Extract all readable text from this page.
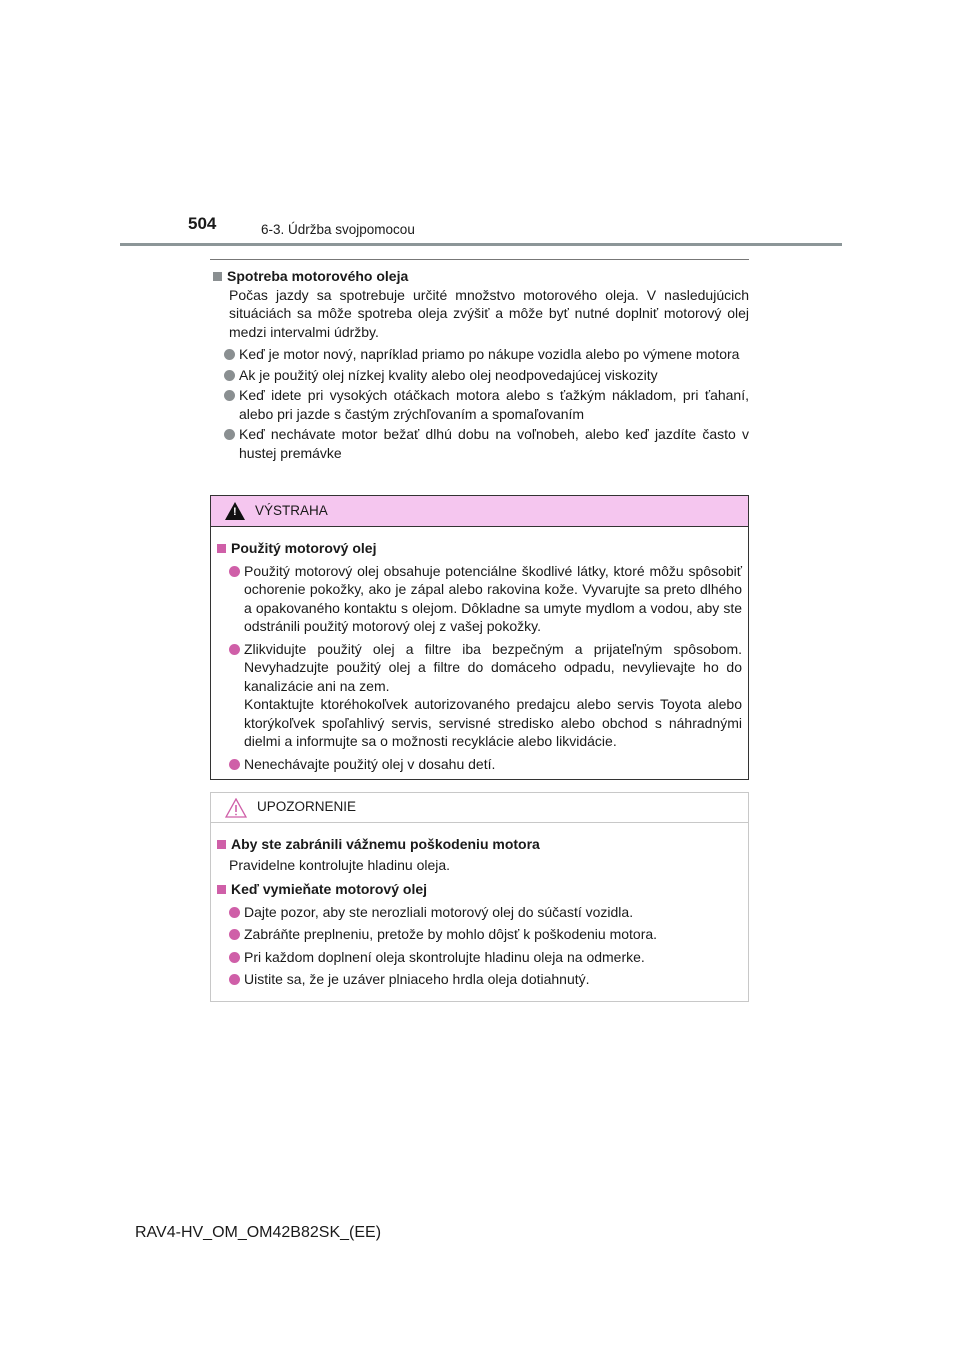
504	6-3. Údržba svojpomocou
Spotreba motorového oleja
Počas jazdy sa spotrebuje určité množstvo motorového oleja. V nasledujúcich situáciách sa môže spotreba oleja zvýšiť a môže byť nutné doplniť motorový olej medzi intervalmi údržby.
Keď je motor nový, napríklad priamo po nákupe vozidla alebo po výmene motora
Ak je použitý olej nízkej kvality alebo olej neodpovedajúcej viskozity
Keď idete pri vysokých otáčkach motora alebo s ťažkým nákladom, pri ťahaní, alebo pri jazde s častým zrýchľovaním a spomaľovaním
Keď nechávate motor bežať dlhú dobu na voľnobeh, alebo keď jazdíte často v hustej premávke
! VÝSTRAHA
Použitý motorový olej
Použitý motorový olej obsahuje potenciálne škodlivé látky, ktoré môžu spôsobiť ochorenie pokožky, ako je zápal alebo rakovina kože. Vyvarujte sa preto dlhého a opakovaného kontaktu s olejom. Dôkladne sa umyte mydlom a vodou, aby ste odstránili použitý motorový olej z vašej pokožky.
Zlikvidujte použitý olej a filtre iba bezpečným a prijateľným spôsobom. Nevyhadzujte použitý olej a filtre do domáceho odpadu, nevylievajte ho do kanalizácie ani na zem.
Kontaktujte ktoréhokoľvek autorizovaného predajcu alebo servis Toyota alebo ktorýkoľvek spoľahlivý servis, servisné stredisko alebo obchod s náhradnými dielmi a informujte sa o možnosti recyklácie alebo likvidácie.
Nenechávajte použitý olej v dosahu detí.
UPOZORNENIE
Aby ste zabránili vážnemu poškodeniu motora
Pravidelne kontrolujte hladinu oleja.
Keď vymieňate motorový olej
Dajte pozor, aby ste nerozliali motorový olej do súčastí vozidla.
Zabráňte preplneniu, pretože by mohlo dôjsť k poškodeniu motora.
Pri každom doplnení oleja skontrolujte hladinu oleja na odmerke.
Uistite sa, že je uzáver plniaceho hrdla oleja dotiahnutý.
RAV4-HV_OM_OM42B82SK_(EE)
